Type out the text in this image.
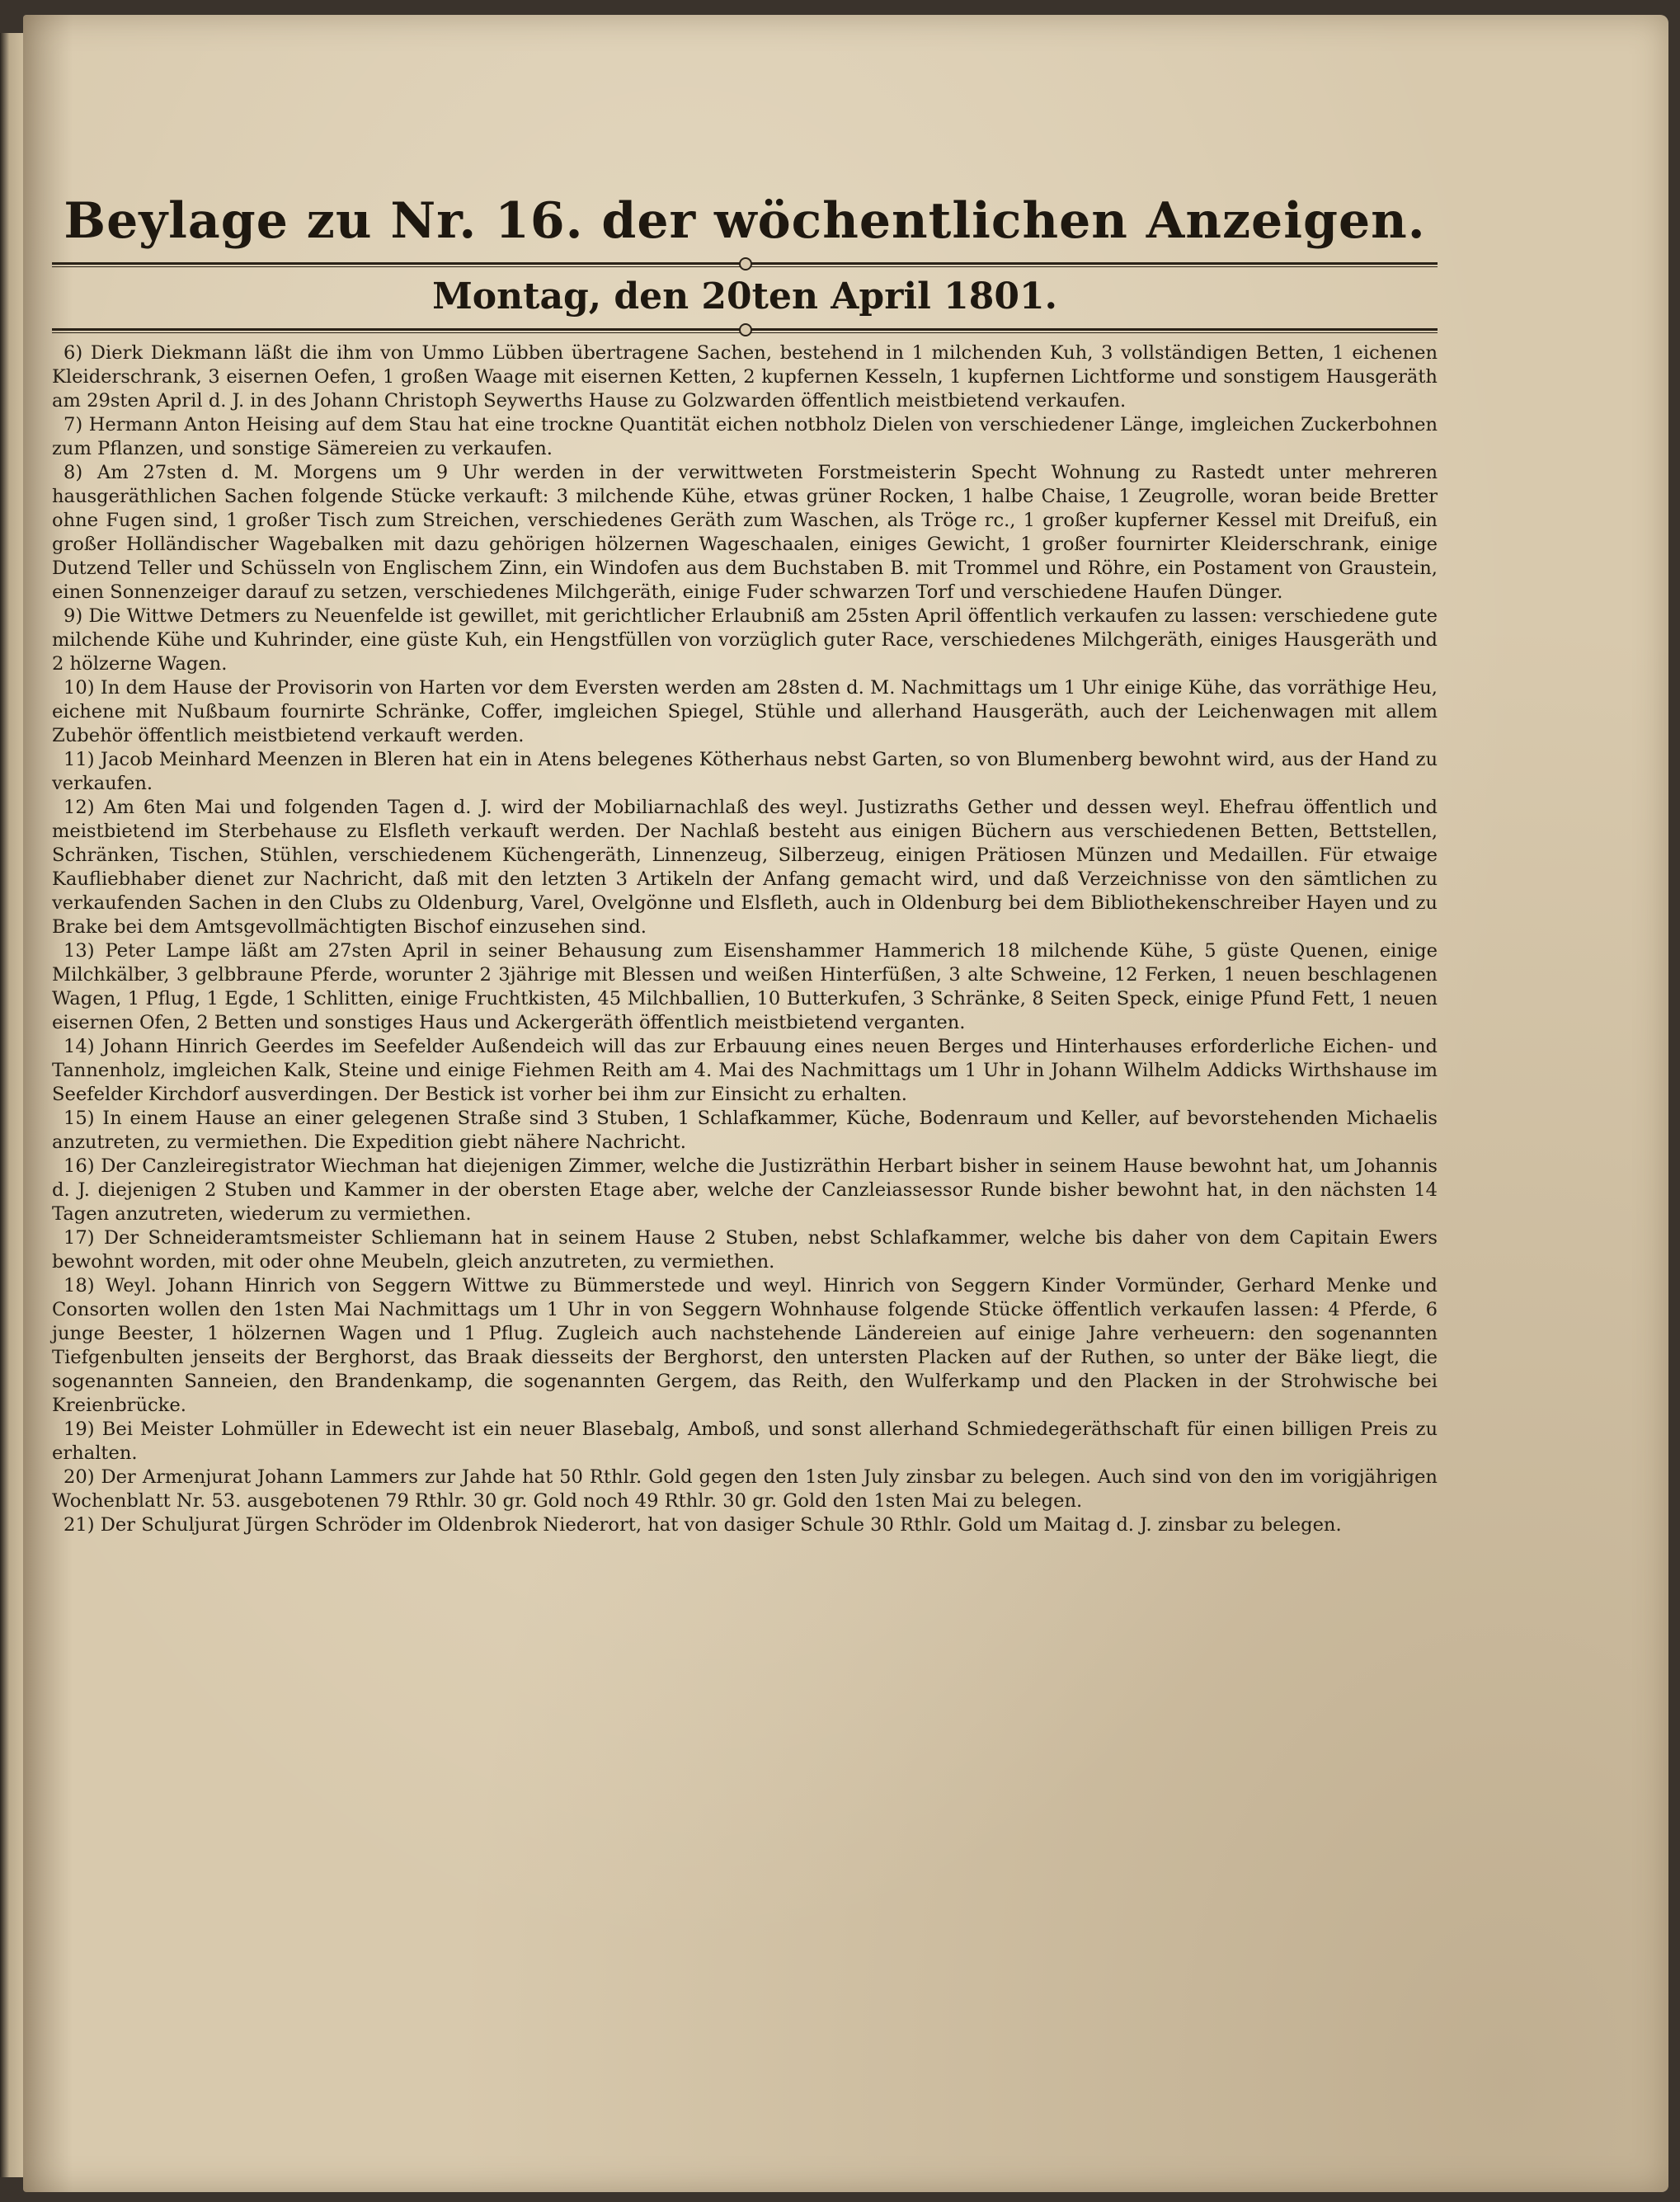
Beylage zu Nr. 16. der wöchentlichen Anzeigen.
Montag, den 20ten April 1801.

6) Dierk Diekmann läßt die ihm von Ummo Lübben übertragene Sachen, bestehend in 1 milchenden Kuh, 3 vollständigen Betten, 1 eichenen Kleiderschrank, 3 eisernen Oefen, 1 großen Waage mit eisernen Ketten, 2 kupfernen Kesseln, 1 kupfernen Lichtforme und sonstigem Hausgeräth am 29sten April d. J. in des Johann Christoph Seywerths Hause zu Golzwarden öffentlich meistbietend verkaufen.

7) Hermann Anton Heising auf dem Stau hat eine trockne Quantität eichen notbholz Dielen von verschiedener Länge, imgleichen Zuckerbohnen zum Pflanzen, und sonstige Sämereien zu verkaufen.

8) Am 27sten d. M. Morgens um 9 Uhr werden in der verwittweten Forstmeisterin Specht Wohnung zu Rastedt unter mehreren hausgeräthlichen Sachen folgende Stücke verkauft: 3 milchende Kühe, etwas grüner Rocken, 1 halbe Chaise, 1 Zeugrolle, woran beide Bretter ohne Fugen sind, 1 großer Tisch zum Streichen, verschiedenes Geräth zum Waschen, als Tröge rc., 1 großer kupferner Kessel mit Dreifuß, ein großer Holländischer Wagebalken mit dazu gehörigen hölzernen Wageschaalen, einiges Gewicht, 1 großer fournirter Kleiderschrank, einige Dutzend Teller und Schüsseln von Englischem Zinn, ein Windofen aus dem Buchstaben B. mit Trommel und Röhre, ein Postament von Graustein, einen Sonnenzeiger darauf zu setzen, verschiedenes Milchgeräth, einige Fuder schwarzen Torf und verschiedene Haufen Dünger.

9) Die Wittwe Detmers zu Neuenfelde ist gewillet, mit gerichtlicher Erlaubniß am 25sten April öffentlich verkaufen zu lassen: verschiedene gute milchende Kühe und Kuhrinder, eine güste Kuh, ein Hengstfüllen von vorzüglich guter Race, verschiedenes Milchgeräth, einiges Hausgeräth und 2 hölzerne Wagen.

10) In dem Hause der Provisorin von Harten vor dem Eversten werden am 28sten d. M. Nachmittags um 1 Uhr einige Kühe, das vorräthige Heu, eichene mit Nußbaum fournirte Schränke, Coffer, imgleichen Spiegel, Stühle und allerhand Hausgeräth, auch der Leichenwagen mit allem Zubehör öffentlich meistbietend verkauft werden.

11) Jacob Meinhard Meenzen in Bleren hat ein in Atens belegenes Kötherhaus nebst Garten, so von Blumenberg bewohnt wird, aus der Hand zu verkaufen.

12) Am 6ten Mai und folgenden Tagen d. J. wird der Mobiliarnachlaß des weyl. Justizraths Gether und dessen weyl. Ehefrau öffentlich und meistbietend im Sterbehause zu Elsfleth verkauft werden. Der Nachlaß besteht aus einigen Büchern aus verschiedenen Betten, Bettstellen, Schränken, Tischen, Stühlen, verschiedenem Küchengeräth, Linnenzeug, Silberzeug, einigen Prätiosen Münzen und Medaillen. Für etwaige Kaufliebhaber dienet zur Nachricht, daß mit den letzten 3 Artikeln der Anfang gemacht wird, und daß Verzeichnisse von den sämtlichen zu verkaufenden Sachen in den Clubs zu Oldenburg, Varel, Ovelgönne und Elsfleth, auch in Oldenburg bei dem Bibliothekenschreiber Hayen und zu Brake bei dem Amtsgevollmächtigten Bischof einzusehen sind.

13) Peter Lampe läßt am 27sten April in seiner Behausung zum Eisenshammer Hammerich 18 milchende Kühe, 5 güste Quenen, einige Milchkälber, 3 gelbbraune Pferde, worunter 2 3jährige mit Blessen und weißen Hinterfüßen, 3 alte Schweine, 12 Ferken, 1 neuen beschlagenen Wagen, 1 Pflug, 1 Egde, 1 Schlitten, einige Fruchtkisten, 45 Milchballien, 10 Butterkufen, 3 Schränke, 8 Seiten Speck, einige Pfund Fett, 1 neuen eisernen Ofen, 2 Betten und sonstiges Haus und Ackergeräth öffentlich meistbietend verganten.

14) Johann Hinrich Geerdes im Seefelder Außendeich will das zur Erbauung eines neuen Berges und Hinterhauses erforderliche Eichen- und Tannenholz, imgleichen Kalk, Steine und einige Fiehmen Reith am 4. Mai des Nachmittags um 1 Uhr in Johann Wilhelm Addicks Wirthshause im Seefelder Kirchdorf ausverdingen. Der Bestick ist vorher bei ihm zur Einsicht zu erhalten.

15) In einem Hause an einer gelegenen Straße sind 3 Stuben, 1 Schlafkammer, Küche, Bodenraum und Keller, auf bevorstehenden Michaelis anzutreten, zu vermiethen. Die Expedition giebt nähere Nachricht.

16) Der Canzleiregistrator Wiechman hat diejenigen Zimmer, welche die Justizräthin Herbart bisher in seinem Hause bewohnt hat, um Johannis d. J. diejenigen 2 Stuben und Kammer in der obersten Etage aber, welche der Canzleiassessor Runde bisher bewohnt hat, in den nächsten 14 Tagen anzutreten, wiederum zu vermiethen.

17) Der Schneideramtsmeister Schliemann hat in seinem Hause 2 Stuben, nebst Schlafkammer, welche bis daher von dem Capitain Ewers bewohnt worden, mit oder ohne Meubeln, gleich anzutreten, zu vermiethen.

18) Weyl. Johann Hinrich von Seggern Wittwe zu Bümmerstede und weyl. Hinrich von Seggern Kinder Vormünder, Gerhard Menke und Consorten wollen den 1sten Mai Nachmittags um 1 Uhr in von Seggern Wohnhause folgende Stücke öffentlich verkaufen lassen: 4 Pferde, 6 junge Beester, 1 hölzernen Wagen und 1 Pflug. Zugleich auch nachstehende Ländereien auf einige Jahre verheuern: den sogenannten Tiefgenbulten jenseits der Berghorst, das Braak diesseits der Berghorst, den untersten Placken auf der Ruthen, so unter der Bäke liegt, die sogenannten Sanneien, den Brandenkamp, die sogenannten Gergem, das Reith, den Wulferkamp und den Placken in der Strohwische bei Kreienbrücke.

19) Bei Meister Lohmüller in Edewecht ist ein neuer Blasebalg, Amboß, und sonst allerhand Schmiedegeräthschaft für einen billigen Preis zu erhalten.

20) Der Armenjurat Johann Lammers zur Jahde hat 50 Rthlr. Gold gegen den 1sten July zinsbar zu belegen. Auch sind von den im vorigjährigen Wochenblatt Nr. 53. ausgebotenen 79 Rthlr. 30 gr. Gold noch 49 Rthlr. 30 gr. Gold den 1sten Mai zu belegen.

21) Der Schuljurat Jürgen Schröder im Oldenbrok Niederort, hat von dasiger Schule 30 Rthlr. Gold um Maitag d. J. zinsbar zu belegen.
